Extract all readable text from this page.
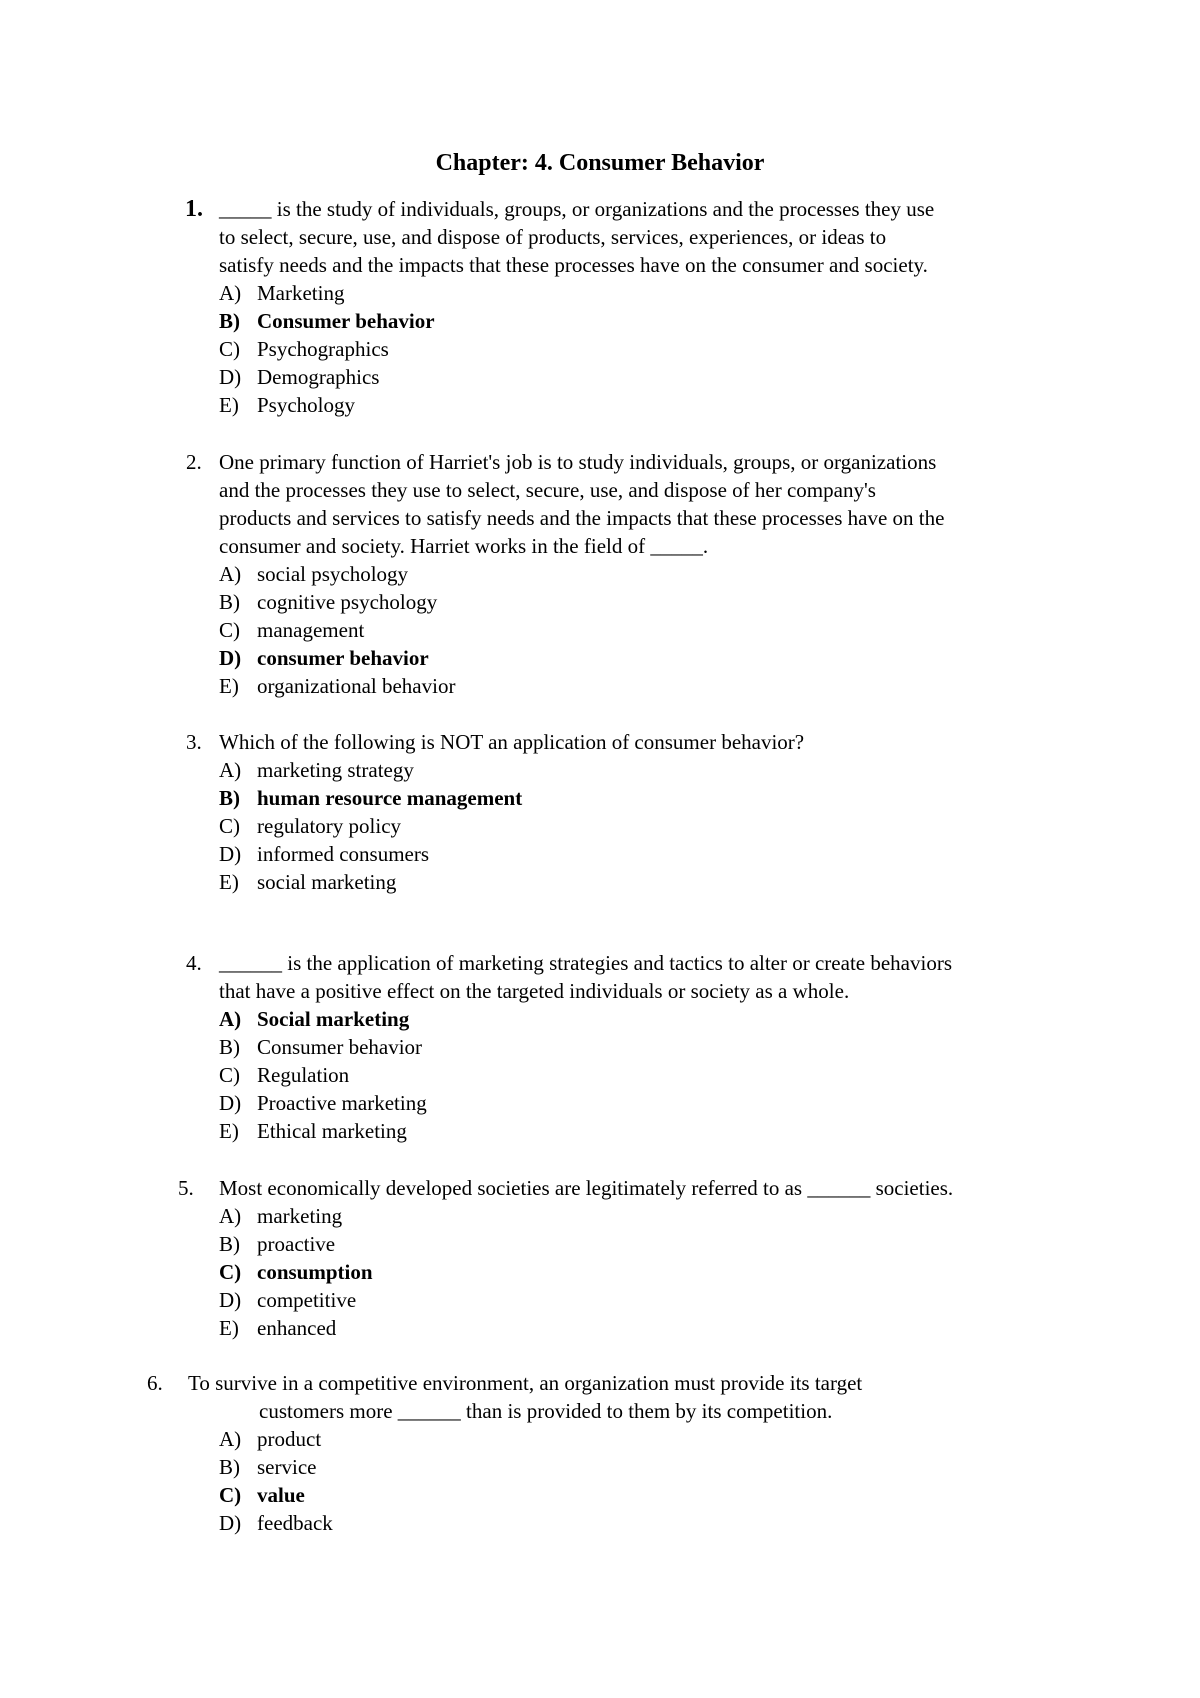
Chapter: 4. Consumer Behavior
1. _____ is the study of individuals, groups, or organizations and the processes they use
to select, secure, use, and dispose of products, services, experiences, or ideas to
satisfy needs and the impacts that these processes have on the consumer and society.
A) Marketing
B) Consumer behavior
C) Psychographics
D) Demographics
E) Psychology
2. One primary function of Harriet's job is to study individuals, groups, or organizations
and the processes they use to select, secure, use, and dispose of her company's
products and services to satisfy needs and the impacts that these processes have on the
consumer and society. Harriet works in the field of _____.
A) social psychology
B) cognitive psychology
C) management
D) consumer behavior
E) organizational behavior
3. Which of the following is NOT an application of consumer behavior?
A) marketing strategy
B) human resource management
C) regulatory policy
D) informed consumers
E) social marketing
4. ______ is the application of marketing strategies and tactics to alter or create behaviors
that have a positive effect on the targeted individuals or society as a whole.
A) Social marketing
B) Consumer behavior
C) Regulation
D) Proactive marketing
E) Ethical marketing
5. Most economically developed societies are legitimately referred to as ______ societies.
A) marketing
B) proactive
C) consumption
D) competitive
E) enhanced
6. To survive in a competitive environment, an organization must provide its target
customers more ______ than is provided to them by its competition.
A) product
B) service
C) value
D) feedback
